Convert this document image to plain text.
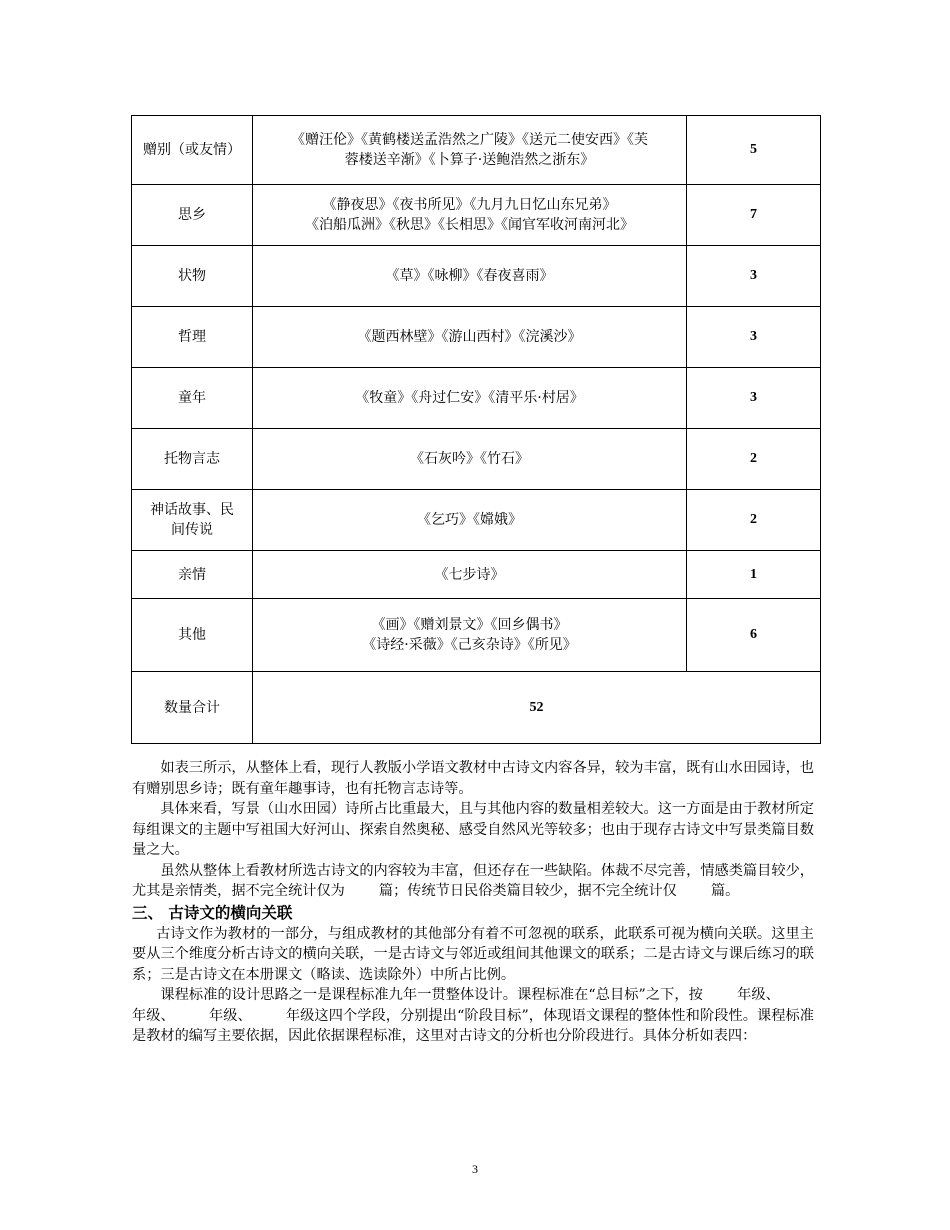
赠别（或友情）	《赠汪伦》《黄鹤楼送孟浩然之广陵》《送元二使安西》《芙
蓉楼送辛渐》《卜算子·送鲍浩然之浙东》	5
思乡	《静夜思》《夜书所见》《九月九日忆山东兄弟》
《泊船瓜洲》《秋思》《长相思》《闻官军收河南河北》	7
状物	《草》《咏柳》《春夜喜雨》	3
哲理	《题西林壁》《游山西村》《浣溪沙》	3
童年	《牧童》《舟过仁安》《清平乐·村居》	3
托物言志	《石灰吟》《竹石》	2

神话故事、民
间传说	《乞巧》《嫦娥》	2
亲情	《七步诗》	1
其他	《画》《赠刘景文》《回乡偶书》
《诗经·采薇》《己亥杂诗》《所见》	6
数量合计	52	

如表三所示，从整体上看，现行人教版小学语文教材中古诗文内容各异，较为丰富，既有山水田园诗，也有赠别思乡诗；既有童年趣事诗，也有托物言志诗等。

具体来看，写景（山水田园）诗所占比重最大，且与其他内容的数量相差较大。这一方面是由于教材所定每组课文的主题中写祖国大好河山、探索自然奥秘、感受自然风光等较多；也由于现存古诗文中写景类篇目数量之大。

虽然从整体上看教材所选古诗文的内容较为丰富，但还存在一些缺陷。体裁不尽完善，情感类篇目较少，尤其是亲情类，据不完全统计仅为 篇；传统节日民俗类篇目较少，据不完全统计仅 篇。

三、 古诗文的横向关联

古诗文作为教材的一部分，与组成教材的其他部分有着不可忽视的联系，此联系可视为横向关联。这里主要从三个维度分析古诗文的横向关联，一是古诗文与邻近或组间其他课文的联系；二是古诗文与课后练习的联系；三是古诗文在本册课文（略读、选读除外）中所占比例。

课程标准的设计思路之一是课程标准九年一贯整体设计。课程标准在“总目标”之下，按 年级、年级、 年级、 年级这四个学段，分别提出“阶段目标”，体现语文课程的整体性和阶段性。课程标准是教材的编写主要依据，因此依据课程标准，这里对古诗文的分析也分阶段进行。具体分析如表四：

3
